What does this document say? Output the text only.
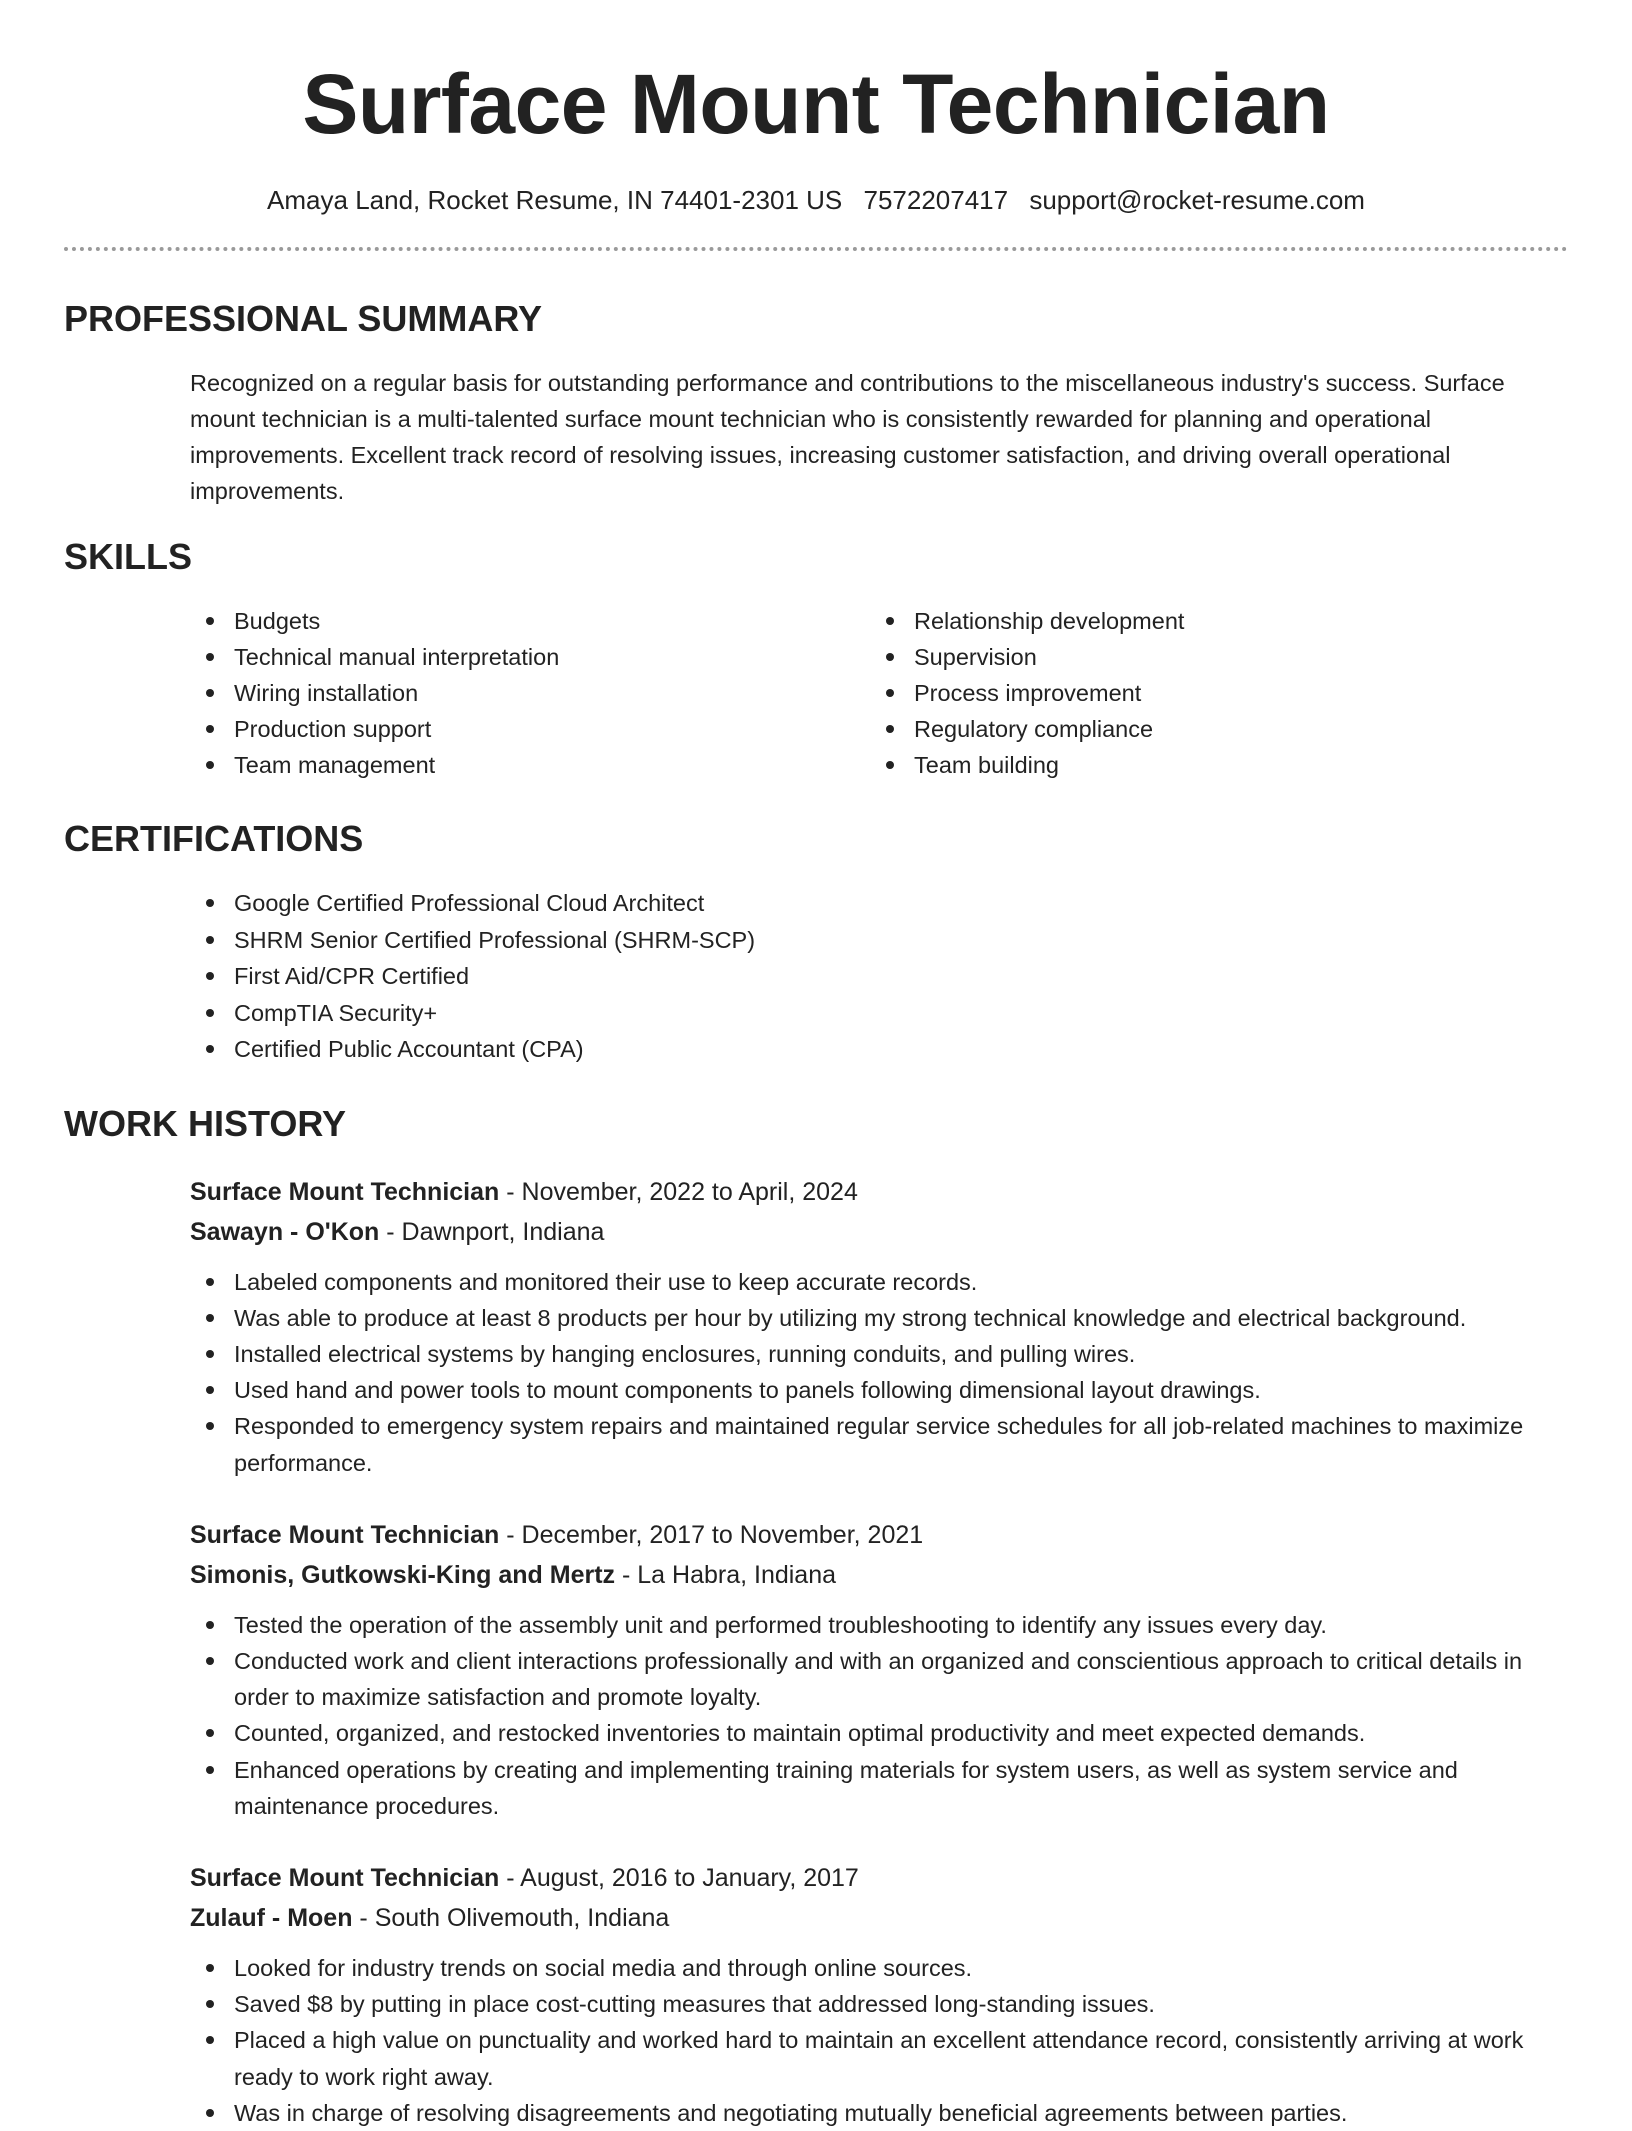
Surface Mount Technician
Amaya Land, Rocket Resume, IN 74401-2301 US 7572207417 support@rocket-resume.com
PROFESSIONAL SUMMARY

Recognized on a regular basis for outstanding performance and contributions to the miscellaneous industry's success. Surface mount technician is a multi-talented surface mount technician who is consistently rewarded for planning and operational improvements. Excellent track record of resolving issues, increasing customer satisfaction, and driving overall operational improvements.

SKILLS
Budgets
Technical manual interpretation
Wiring installation
Production support
Team management
Relationship development
Supervision
Process improvement
Regulatory compliance
Team building
CERTIFICATIONS
Google Certified Professional Cloud Architect
SHRM Senior Certified Professional (SHRM-SCP)
First Aid/CPR Certified
CompTIA Security+
Certified Public Accountant (CPA)
WORK HISTORY
Surface Mount Technician - November, 2022 to April, 2024
Sawayn - O'Kon - Dawnport, Indiana
Labeled components and monitored their use to keep accurate records.
Was able to produce at least 8 products per hour by utilizing my strong technical knowledge and electrical background.
Installed electrical systems by hanging enclosures, running conduits, and pulling wires.
Used hand and power tools to mount components to panels following dimensional layout drawings.
Responded to emergency system repairs and maintained regular service schedules for all job-related machines to maximize performance.
Surface Mount Technician - December, 2017 to November, 2021
Simonis, Gutkowski-King and Mertz - La Habra, Indiana
Tested the operation of the assembly unit and performed troubleshooting to identify any issues every day.
Conducted work and client interactions professionally and with an organized and conscientious approach to critical details in order to maximize satisfaction and promote loyalty.
Counted, organized, and restocked inventories to maintain optimal productivity and meet expected demands.
Enhanced operations by creating and implementing training materials for system users, as well as system service and maintenance procedures.
Surface Mount Technician - August, 2016 to January, 2017
Zulauf - Moen - South Olivemouth, Indiana
Looked for industry trends on social media and through online sources.
Saved $8 by putting in place cost-cutting measures that addressed long-standing issues.
Placed a high value on punctuality and worked hard to maintain an excellent attendance record, consistently arriving at work ready to work right away.
Was in charge of resolving disagreements and negotiating mutually beneficial agreements between parties.
